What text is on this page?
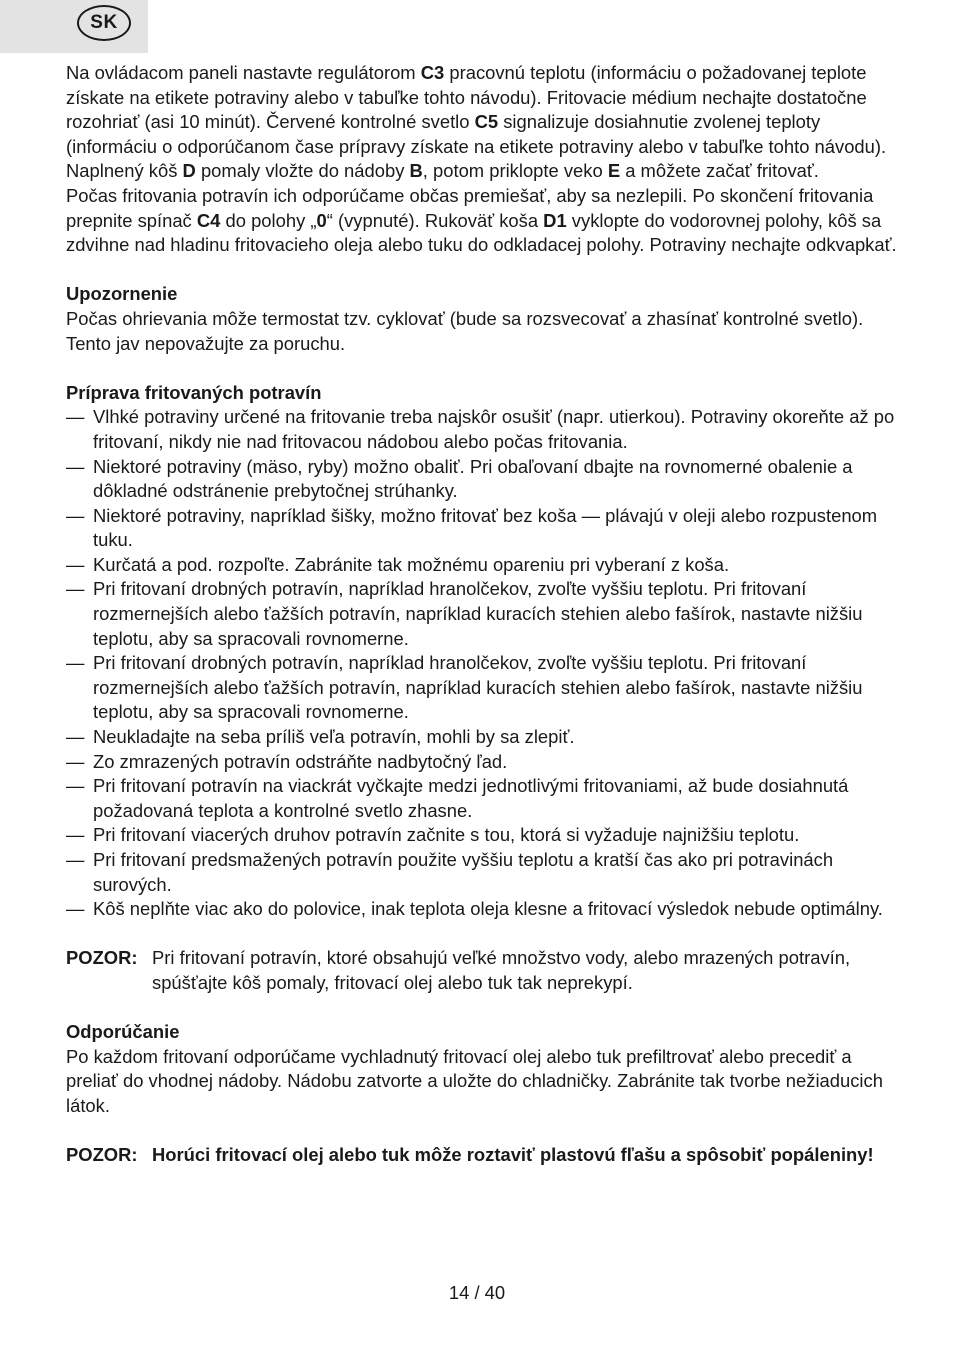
SK

Na ovládacom paneli nastavte regulátorom C3 pracovnú teplotu (informáciu o požadovanej teplote získate na etikete potraviny alebo v tabuľke tohto návodu). Fritovacie médium nechajte dostatočne rozohriať (asi 10 minút). Červené kontrolné svetlo C5 signalizuje dosiahnutie zvolenej teploty (informáciu o odporúčanom čase prípravy získate na etikete potraviny alebo v tabuľke tohto návodu). Naplnený kôš D pomaly vložte do nádoby B, potom priklopte veko E a môžete začať fritovať.

Počas fritovania potravín ich odporúčame občas premiešať, aby sa nezlepili. Po skončení fritovania prepnite spínač C4 do polohy „0“ (vypnuté). Rukoväť koša D1 vyklopte do vodorovnej polohy, kôš sa zdvihne nad hladinu fritovacieho oleja alebo tuku do odkladacej polohy. Potraviny nechajte odkvapkať.

Upozornenie

Počas ohrievania môže termostat tzv. cyklovať (bude sa rozsvecovať a zhasínať kontrolné svetlo). Tento jav nepovažujte za poruchu.

Príprava fritovaných potravín
— Vlhké potraviny určené na fritovanie treba najskôr osušiť (napr. utierkou). Potraviny okoreňte až po fritovaní, nikdy nie nad fritovacou nádobou alebo počas fritovania.
— Niektoré potraviny (mäso, ryby) možno obaliť. Pri obaľovaní dbajte na rovnomerné obalenie a dôkladné odstránenie prebytočnej strúhanky.
— Niektoré potraviny, napríklad šišky, možno fritovať bez koša — plávajú v oleji alebo rozpustenom tuku.
— Kurčatá a pod. rozpoľte. Zabránite tak možnému opareniu pri vyberaní z koša.
— Pri fritovaní drobných potravín, napríklad hranolčekov, zvoľte vyššiu teplotu. Pri fritovaní rozmernejších alebo ťažších potravín, napríklad kuracích stehien alebo fašírok, nastavte nižšiu teplotu, aby sa spracovali rovnomerne.
— Pri fritovaní drobných potravín, napríklad hranolčekov, zvoľte vyššiu teplotu. Pri fritovaní rozmernejších alebo ťažších potravín, napríklad kuracích stehien alebo fašírok, nastavte nižšiu teplotu, aby sa spracovali rovnomerne.
— Neukladajte na seba príliš veľa potravín, mohli by sa zlepiť.
— Zo zmrazených potravín odstráňte nadbytočný ľad.
— Pri fritovaní potravín na viackrát vyčkajte medzi jednotlivými fritovaniami, až bude dosiahnutá požadovaná teplota a kontrolné svetlo zhasne.
— Pri fritovaní viacerých druhov potravín začnite s tou, ktorá si vyžaduje najnižšiu teplotu.
— Pri fritovaní predsmažených potravín použite vyššiu teplotu a kratší čas ako pri potravinách surových.
— Kôš neplňte viac ako do polovice, inak teplota oleja klesne a fritovací výsledok nebude optimálny.
POZOR: Pri fritovaní potravín, ktoré obsahujú veľké množstvo vody, alebo mrazených potravín, spúšťajte kôš pomaly, fritovací olej alebo tuk tak neprekypí.
Odporúčanie

Po každom fritovaní odporúčame vychladnutý fritovací olej alebo tuk prefiltrovať alebo precediť a preliať do vhodnej nádoby. Nádobu zatvorte a uložte do chladničky. Zabránite tak tvorbe nežiaducich látok.

POZOR: Horúci fritovací olej alebo tuk môže roztaviť plastovú fľašu a spôsobiť popáleniny!
14 / 40
